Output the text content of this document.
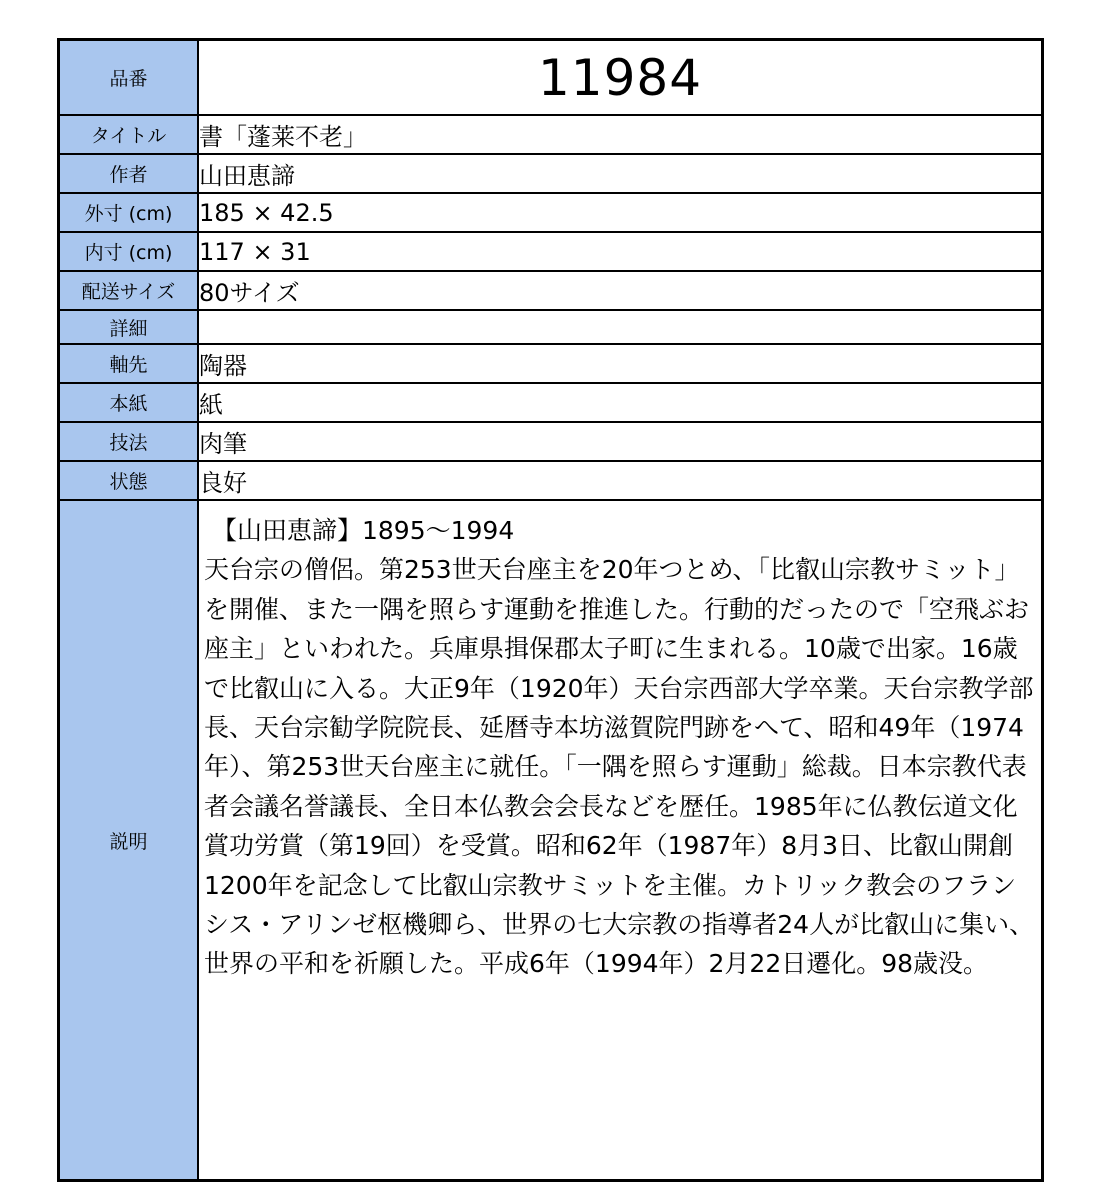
品番	11984
タイトル	書「蓬莱不老」
作者	山田恵諦
外寸 (cm)	185 × 42.5
内寸 (cm)	117 × 31
配送サイズ	80サイズ
詳細	
軸先	陶器
本紙	紙
技法	肉筆
状態	良好
説明	【山田恵諦】1895〜1994
天台宗の僧侶。第253世天台座主を20年つとめ、「比叡山宗教サミット」を開催、また一隅を照らす運動を推進した。行動的だったので「空飛ぶお座主」といわれた。兵庫県揖保郡太子町に生まれる。10歳で出家。16歳で比叡山に入る。大正9年（1920年）天台宗西部大学卒業。天台宗教学部長、天台宗勧学院院長、延暦寺本坊滋賀院門跡をへて、昭和49年（1974年）、第253世天台座主に就任。「一隅を照らす運動」総裁。日本宗教代表者会議名誉議長、全日本仏教会会長などを歴任。1985年に仏教伝道文化賞功労賞（第19回）を受賞。昭和62年（1987年）8月3日、比叡山開創1200年を記念して比叡山宗教サミットを主催。カトリック教会のフランシス・アリンゼ枢機卿ら、世界の七大宗教の指導者24人が比叡山に集い、世界の平和を祈願した。平成6年（1994年）2月22日遷化。98歳没。
